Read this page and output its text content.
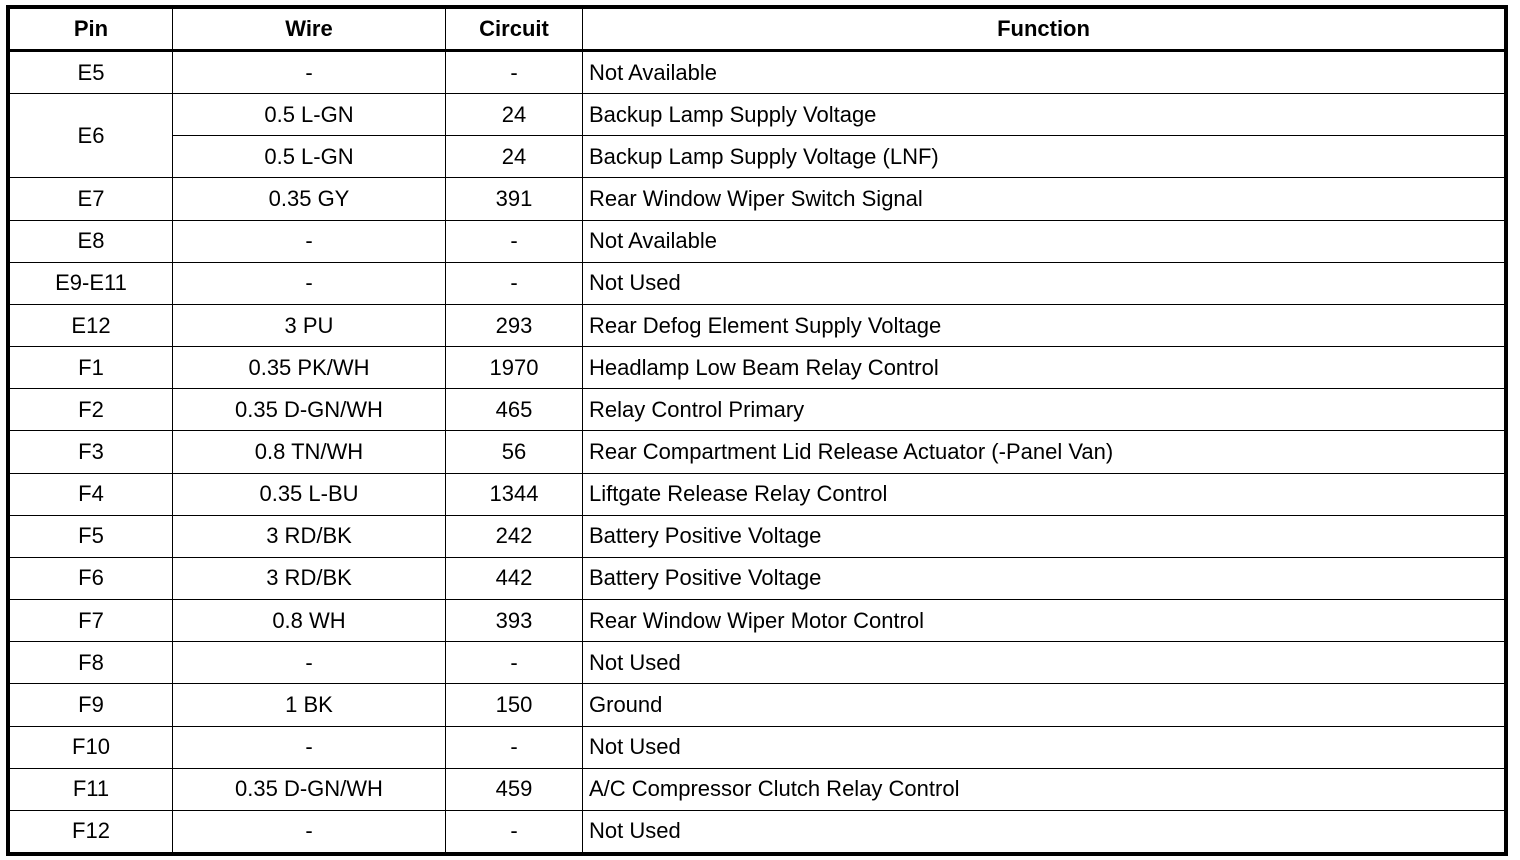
Pin	Wire	Circuit	Function
E5	-	-	Not Available
E6	0.5 L-GN	24	Backup Lamp Supply Voltage
	0.5 L-GN	24	Backup Lamp Supply Voltage (LNF)
E7	0.35 GY	391	Rear Window Wiper Switch Signal
E8	-	-	Not Available
E9-E11	-	-	Not Used
E12	3 PU	293	Rear Defog Element Supply Voltage
F1	0.35 PK/WH	1970	Headlamp Low Beam Relay Control
F2	0.35 D-GN/WH	465	Relay Control Primary
F3	0.8 TN/WH	56	Rear Compartment Lid Release Actuator (-Panel Van)
F4	0.35 L-BU	1344	Liftgate Release Relay Control
F5	3 RD/BK	242	Battery Positive Voltage
F6	3 RD/BK	442	Battery Positive Voltage
F7	0.8 WH	393	Rear Window Wiper Motor Control
F8	-	-	Not Used
F9	1 BK	150	Ground
F10	-	-	Not Used
F11	0.35 D-GN/WH	459	A/C Compressor Clutch Relay Control
F12	-	-	Not Used
